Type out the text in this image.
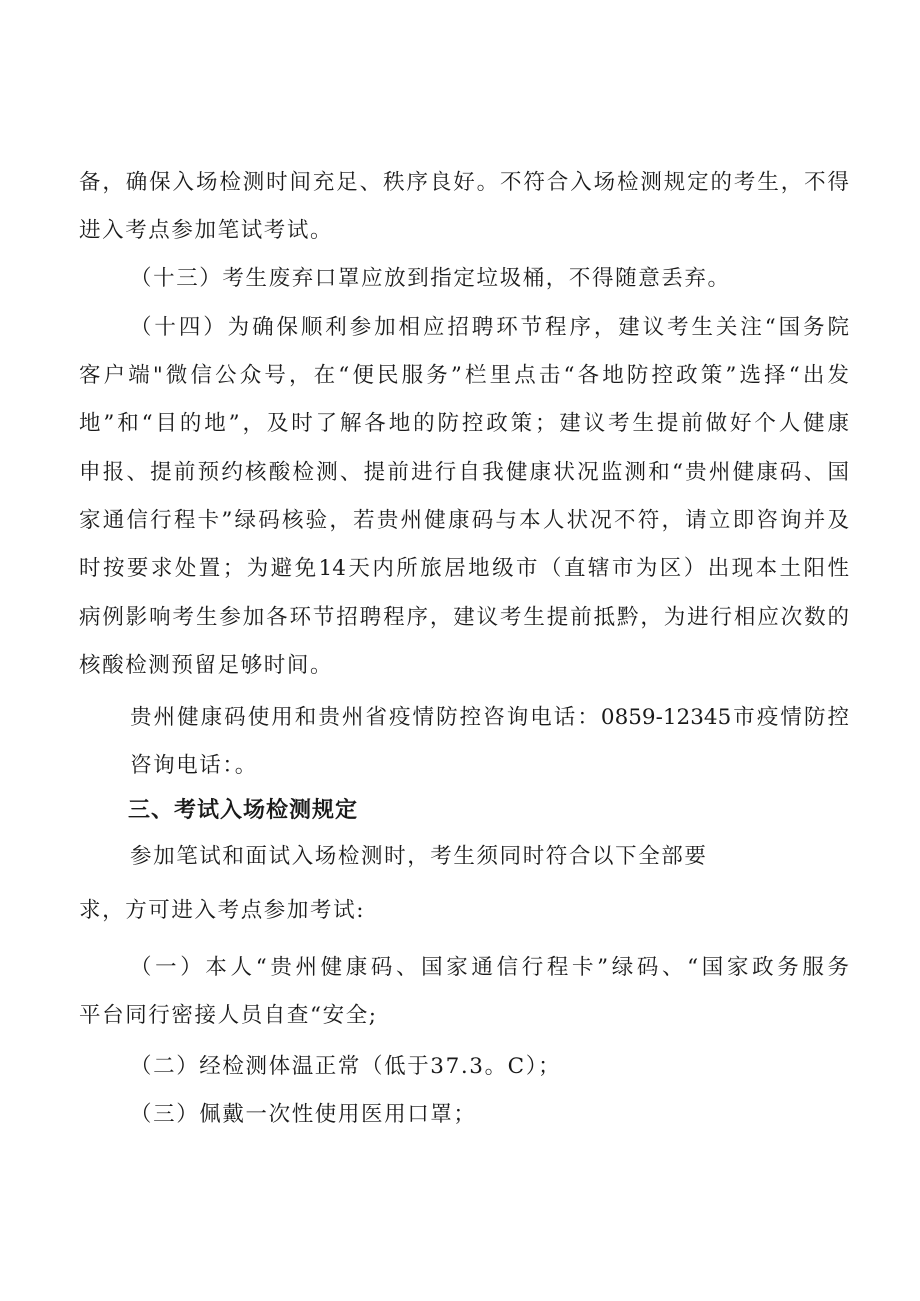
备，确保入场检测时间充足、秩序良好。不符合入场检测规定的考生，不得
进入考点参加笔试考试。
（十三）考生废弃口罩应放到指定垃圾桶，不得随意丢弃。
（十四）为确保顺利参加相应招聘环节程序，建议考生关注“国务院
客户端"微信公众号，在“便民服务”栏里点击“各地防控政策”选择“出发
地”和“目的地”，及时了解各地的防控政策；建议考生提前做好个人健康
申报、提前预约核酸检测、提前进行自我健康状况监测和“贵州健康码、国
家通信行程卡”绿码核验，若贵州健康码与本人状况不符，请立即咨询并及
时按要求处置；为避免14天内所旅居地级市（直辖市为区）出现本土阳性
病例影响考生参加各环节招聘程序，建议考生提前抵黔，为进行相应次数的
核酸检测预留足够时间。
贵州健康码使用和贵州省疫情防控咨询电话：0859-12345市疫情防控
咨询电话：。
三、考试入场检测规定
参加笔试和面试入场检测时，考生须同时符合以下全部要
求，方可进入考点参加考试:
（一）本人“贵州健康码、国家通信行程卡”绿码、“国家政务服务
平台同行密接人员自查“安全;
（二）经检测体温正常（低于37.3。C）；
（三）佩戴一次性使用医用口罩；
